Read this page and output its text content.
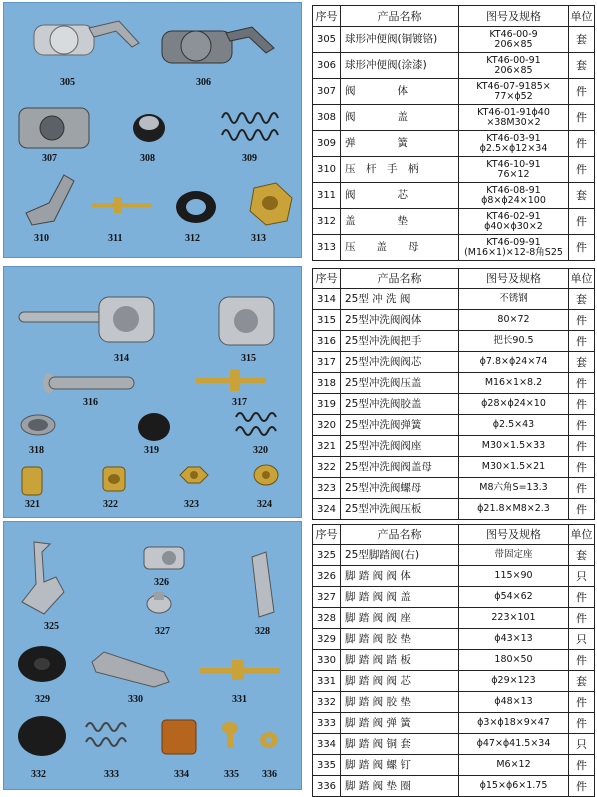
305	306
307	308	309
310	311	312	313
序号	产品名称	图号及规格	单位
305	球形冲便阀(铜镀铬)	KT46-00-9
206×85	套
306	球形冲便阀(涂漆)	KT46-00-91
206×85	套
307	阀　　　　体	KT46-07-9185×
77×ϕ52	件
308	阀　　　　盖	KT46-01-91ϕ40
×38M30×2	件
309	弹　　　　簧	KT46-03-91
ϕ2.5×ϕ12×34	件
310	压　杆　手　柄	KT46-10-91
76×12	件
311	阀　　　　芯	KT46-08-91
ϕ8×ϕ24×100	套
312	盖　　　　垫	KT46-02-91
ϕ40×ϕ30×2	件
313	压　　盖　　母	KT46-09-91
(M16×1)×12-8角S25	件
314	315
316	317
318	319	320
321	322	323	324
序号	产品名称	图号及规格	单位
314	25型 冲 洗 阀	不锈钢	套
315	25型冲洗阀阀体	80×72	件
316	25型冲洗阀把手	把长90.5	件
317	25型冲洗阀阀芯	ϕ7.8×ϕ24×74	套
318	25型冲洗阀压盖	M16×1×8.2	件
319	25型冲洗阀胶盖	ϕ28×ϕ24×10	件
320	25型冲洗阀弹簧	ϕ2.5×43	件
321	25型冲洗阀阀座	M30×1.5×33	件
322	25型冲洗阀阀盖母	M30×1.5×21	件
323	25型冲洗阀螺母	M8六角S=13.3	件
324	25型冲洗阀压板	ϕ21.8×M8×2.3	件
325
326
327	328
329	330	331
332	333	334	335 336
序号	产品名称	图号及规格	单位
325	25型脚踏阀(右)	带固定座	套
326	脚 踏 阀 阀 体	115×90	只
327	脚 踏 阀 阀 盖	ϕ54×62	件
328	脚 踏 阀 阀 座	223×101	件
329	脚 踏 阀 胶 垫	ϕ43×13	只
330	脚 踏 阀 踏 板	180×50	件
331	脚 踏 阀 阀 芯	ϕ29×123	套
332	脚 踏 阀 胶 垫	ϕ48×13	件
333	脚 踏 阀 弹 簧	ϕ3×ϕ18×9×47	件
334	脚 踏 阀 铜 套	ϕ47×ϕ41.5×34	只
335	脚 踏 阀 螺 钉	M6×12	件
336	脚 踏 阀 垫 圈	ϕ15×ϕ6×1.75	件
